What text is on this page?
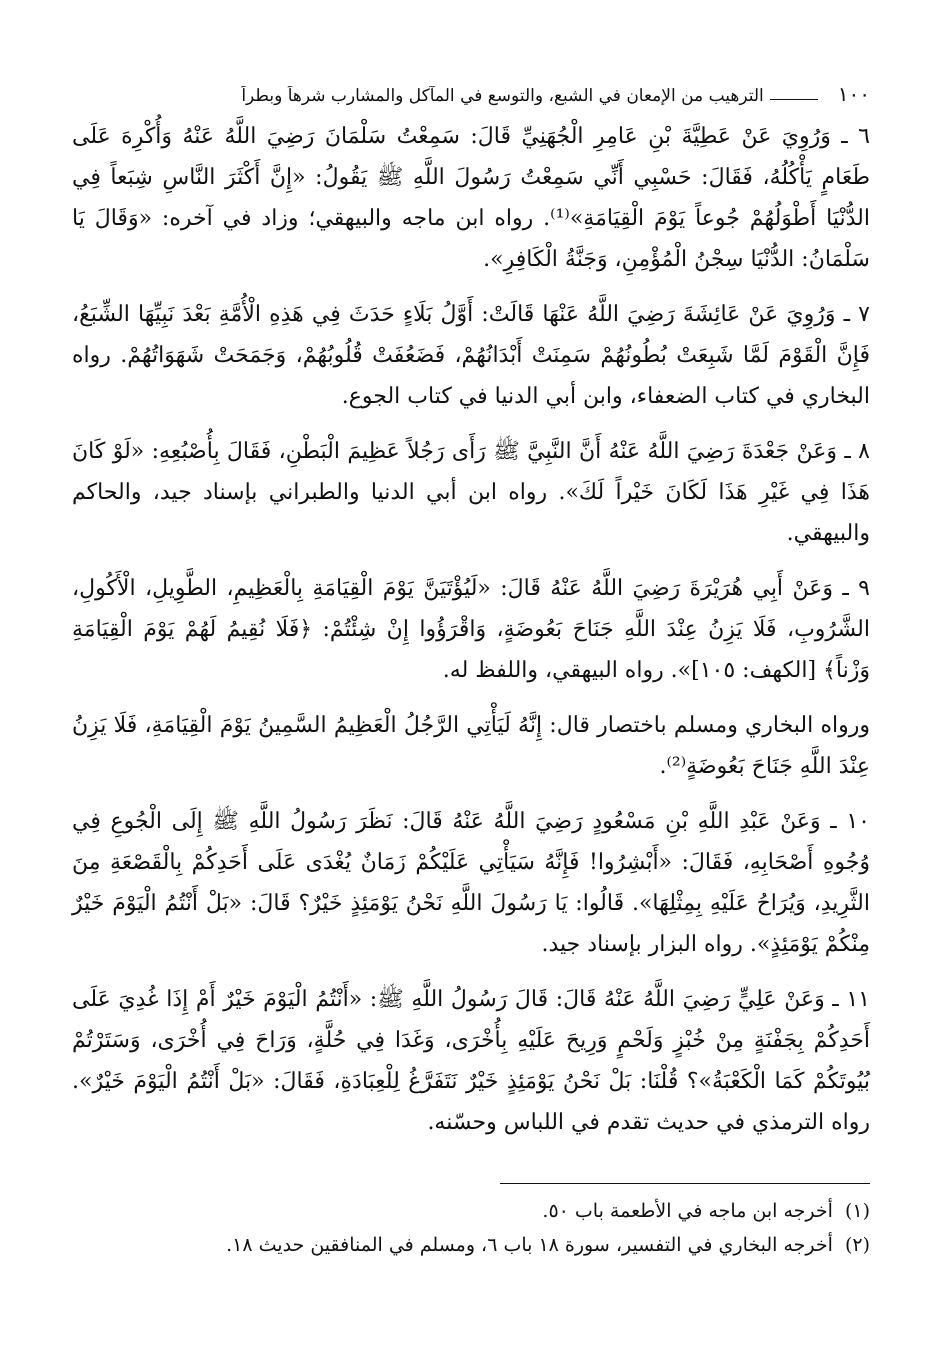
١٠٠
الترهيب من الإمعان في الشبع، والتوسع في المآكل والمشارب شرهاً وبطراً

٦ ـ وَرُوِيَ عَنْ عَطِيَّةَ بْنِ عَامِرِ الْجُهَنِيِّ قَالَ: سَمِعْتُ سَلْمَانَ رَضِيَ اللَّهُ عَنْهُ وَأُكْرِهَ عَلَى طَعَامٍ يَأْكُلُهُ، فَقَالَ: حَسْبِي أَنِّي سَمِعْتُ رَسُولَ اللَّهِ ﷺ يَقُولُ: «إِنَّ أَكْثَرَ النَّاسِ شِبَعاً فِي الدُّنْيَا أَطْوَلُهُمْ جُوعاً يَوْمَ الْقِيَامَةِ»⁽¹⁾. رواه ابن ماجه والبيهقي؛ وزاد في آخره: «وَقَالَ يَا سَلْمَانُ: الدُّنْيَا سِجْنُ الْمُؤْمِنِ، وَجَنَّةُ الْكَافِرِ».

٧ ـ وَرُوِيَ عَنْ عَائِشَةَ رَضِيَ اللَّهُ عَنْهَا قَالَتْ: أَوَّلُ بَلَاءٍ حَدَثَ فِي هَذِهِ الْأُمَّةِ بَعْدَ نَبِيِّهَا الشِّبَعُ، فَإِنَّ الْقَوْمَ لَمَّا شَبِعَتْ بُطُونُهُمْ سَمِنَتْ أَبْدَانُهُمْ، فَضَعُفَتْ قُلُوبُهُمْ، وَجَمَحَتْ شَهَوَاتُهُمْ. رواه البخاري في كتاب الضعفاء، وابن أبي الدنيا في كتاب الجوع.

٨ ـ وَعَنْ جَعْدَةَ رَضِيَ اللَّهُ عَنْهُ أَنَّ النَّبِيَّ ﷺ رَأَى رَجُلاً عَظِيمَ الْبَطْنِ، فَقَالَ بِأُصْبُعِهِ: «لَوْ كَانَ هَذَا فِي غَيْرِ هَذَا لَكَانَ خَيْراً لَكَ». رواه ابن أبي الدنيا والطبراني بإسناد جيد، والحاكم والبيهقي.

٩ ـ وَعَنْ أَبِي هُرَيْرَةَ رَضِيَ اللَّهُ عَنْهُ قَالَ: «لَيُؤْتَيَنَّ يَوْمَ الْقِيَامَةِ بِالْعَظِيمِ، الطَّوِيلِ، الْأَكُولِ، الشَّرُوبِ، فَلَا يَزِنُ عِنْدَ اللَّهِ جَنَاحَ بَعُوضَةٍ، وَاقْرَؤُوا إِنْ شِئْتُمْ: ﴿فَلَا نُقِيمُ لَهُمْ يَوْمَ الْقِيَامَةِ وَزْناً﴾ [الكهف: ١٠٥]». رواه البيهقي، واللفظ له.

ورواه البخاري ومسلم باختصار قال: إِنَّهُ لَيَأْتِي الرَّجُلُ الْعَظِيمُ السَّمِينُ يَوْمَ الْقِيَامَةِ، فَلَا يَزِنُ عِنْدَ اللَّهِ جَنَاحَ بَعُوضَةٍ⁽²⁾.

١٠ ـ وَعَنْ عَبْدِ اللَّهِ بْنِ مَسْعُودٍ رَضِيَ اللَّهُ عَنْهُ قَالَ: نَظَرَ رَسُولُ اللَّهِ ﷺ إِلَى الْجُوعِ فِي وُجُوهِ أَصْحَابِهِ، فَقَالَ: «أَبْشِرُوا! فَإِنَّهُ سَيَأْتِي عَلَيْكُمْ زَمَانٌ يُغْدَى عَلَى أَحَدِكُمْ بِالْقَصْعَةِ مِنَ الثَّرِيدِ، وَيُرَاحُ عَلَيْهِ بِمِثْلِهَا». قَالُوا: يَا رَسُولَ اللَّهِ نَحْنُ يَوْمَئِذٍ خَيْرٌ؟ قَالَ: «بَلْ أَنْتُمُ الْيَوْمَ خَيْرٌ مِنْكُمْ يَوْمَئِذٍ». رواه البزار بإسناد جيد.

١١ ـ وَعَنْ عَلِيٍّ رَضِيَ اللَّهُ عَنْهُ قَالَ: قَالَ رَسُولُ اللَّهِ ﷺ: «أَنْتُمُ الْيَوْمَ خَيْرٌ أَمْ إِذَا غُدِيَ عَلَى أَحَدِكُمْ بِجَفْنَةٍ مِنْ خُبْزٍ وَلَحْمٍ وَرِيحَ عَلَيْهِ بِأُخْرَى، وَغَدَا فِي حُلَّةٍ، وَرَاحَ فِي أُخْرَى، وَسَتَرْتُمْ بُيُوتَكُمْ كَمَا الْكَعْبَةُ»؟ قُلْنَا: بَلْ نَحْنُ يَوْمَئِذٍ خَيْرٌ نَتَفَرَّغُ لِلْعِبَادَةِ، فَقَالَ: «بَلْ أَنْتُمُ الْيَوْمَ خَيْرٌ». رواه الترمذي في حديث تقدم في اللباس وحسّنه.

(١)
أخرجه ابن ماجه في الأطعمة باب ٥٠.
(٢)
أخرجه البخاري في التفسير، سورة ١٨ باب ٦، ومسلم في المنافقين حديث ١٨.
